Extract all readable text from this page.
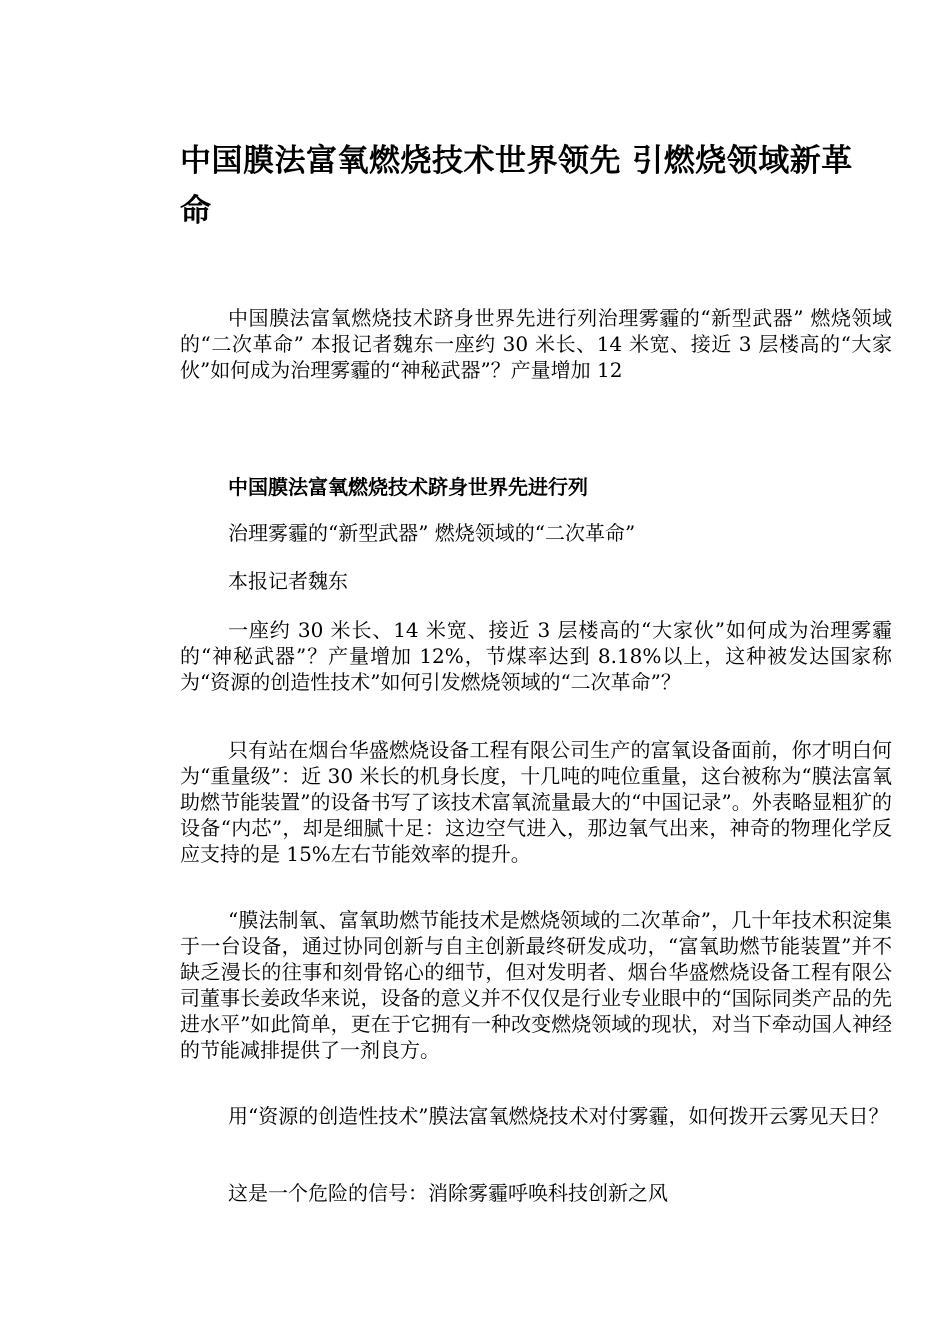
中国膜法富氧燃烧技术世界领先 引燃烧领域新革命

中国膜法富氧燃烧技术跻身世界先进行列治理雾霾的“新型武器” 燃烧领域的“二次革命” 本报记者魏东一座约 30 米长、14 米宽、接近 3 层楼高的“大家伙”如何成为治理雾霾的“神秘武器”？产量增加 12

中国膜法富氧燃烧技术跻身世界先进行列

治理雾霾的“新型武器” 燃烧领域的“二次革命”

本报记者魏东

一座约 30 米长、14 米宽、接近 3 层楼高的“大家伙”如何成为治理雾霾的“神秘武器”？产量增加 12%，节煤率达到 8.18%以上，这种被发达国家称为“资源的创造性技术”如何引发燃烧领域的“二次革命”？

只有站在烟台华盛燃烧设备工程有限公司生产的富氧设备面前，你才明白何为“重量级”：近 30 米长的机身长度，十几吨的吨位重量，这台被称为“膜法富氧助燃节能装置”的设备书写了该技术富氧流量最大的“中国记录”。外表略显粗犷的设备“内芯”，却是细腻十足：这边空气进入，那边氧气出来，神奇的物理化学反应支持的是 15%左右节能效率的提升。

“膜法制氧、富氧助燃节能技术是燃烧领域的二次革命”，几十年技术积淀集于一台设备，通过协同创新与自主创新最终研发成功，“富氧助燃节能装置”并不缺乏漫长的往事和刻骨铭心的细节，但对发明者、烟台华盛燃烧设备工程有限公司董事长姜政华来说，设备的意义并不仅仅是行业专业眼中的“国际同类产品的先进水平”如此简单，更在于它拥有一种改变燃烧领域的现状，对当下牵动国人神经的节能减排提供了一剂良方。

用“资源的创造性技术”膜法富氧燃烧技术对付雾霾，如何拨开云雾见天日？

这是一个危险的信号：消除雾霾呼唤科技创新之风
